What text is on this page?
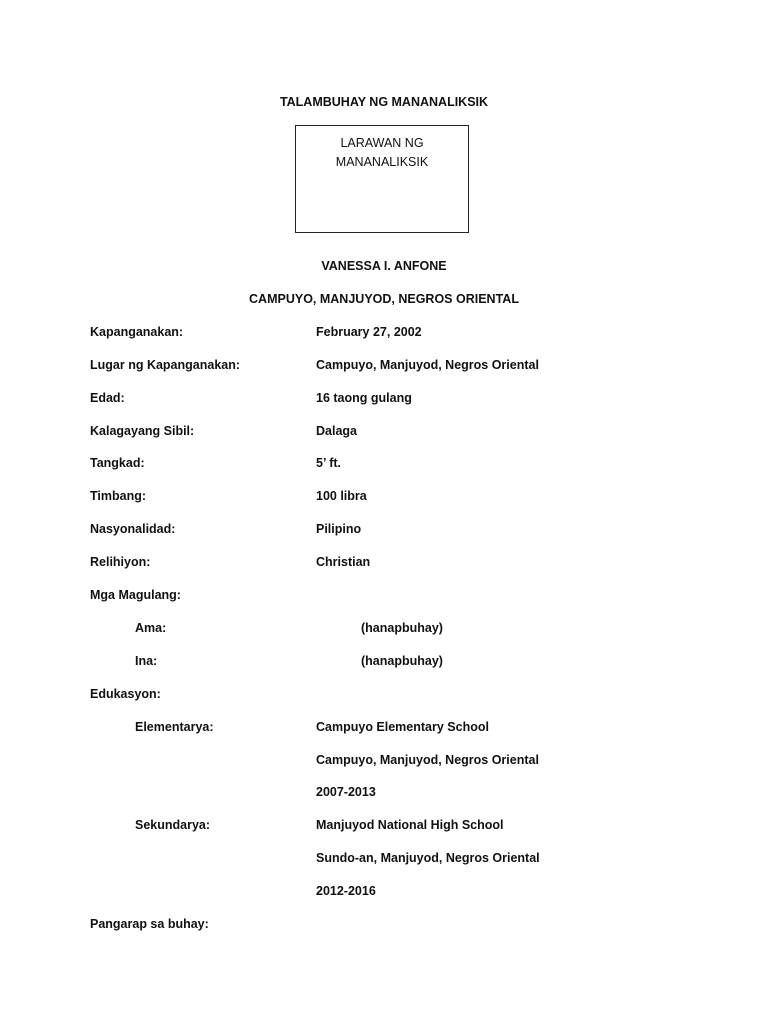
TALAMBUHAY NG MANANALIKSIK
LARAWAN NG
MANANALIKSIK
VANESSA I. ANFONE
CAMPUYO, MANJUYOD, NEGROS ORIENTAL
Kapanganakan:	February 27, 2002
Lugar ng Kapanganakan:	Campuyo, Manjuyod, Negros Oriental
Edad:	16 taong gulang
Kalagayang Sibil:	Dalaga
Tangkad:	5’ ft.
Timbang:	100 libra
Nasyonalidad:	Pilipino
Relihiyon:	Christian
Mga Magulang:
Ama:	(hanapbuhay)
Ina:	(hanapbuhay)
Edukasyon:
Elementarya:	Campuyo Elementary School
Campuyo, Manjuyod, Negros Oriental
2007-2013
Sekundarya:	Manjuyod National High School
Sundo-an, Manjuyod, Negros Oriental
2012-2016
Pangarap sa buhay:
